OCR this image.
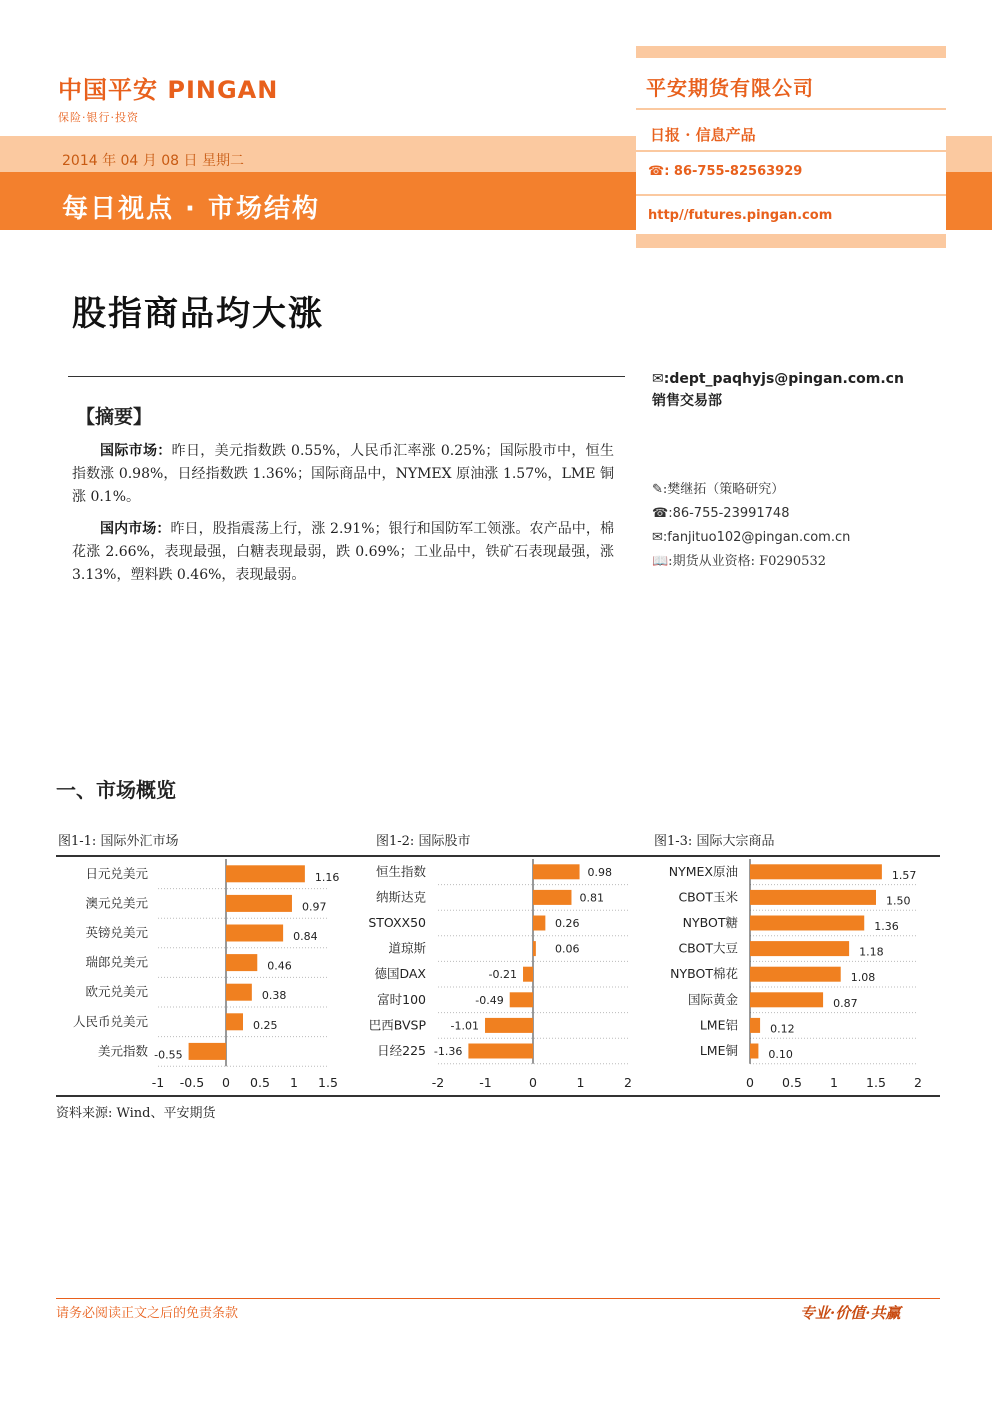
中国平安 PINGAN
保险·银行·投资
2014 年 04 月 08 日 星期二
每日视点 · 市场结构
平安期货有限公司
日报 · 信息产品
☎: 86-755-82563929
http//futures.pingan.com
股指商品均大涨
✉:dept_paqhyjs@pingan.com.cn
销售交易部
✎:樊继拓（策略研究）
☎:86-755-23991748
✉:fanjituo102@pingan.com.cn
📖:期货从业资格: F0290532
【摘要】
国际市场：昨日，美元指数跌 0.55%，人民币汇率涨 0.25%；国际股市中，恒生指数涨 0.98%，日经指数跌 1.36%；国际商品中，NYMEX 原油涨 1.57%，LME 铜涨 0.1%。
国内市场：昨日，股指震荡上行，涨 2.91%；银行和国防军工领涨。农产品中，棉花涨 2.66%，表现最强，白糖表现最弱，跌 0.69%；工业品中，铁矿石表现最强，涨 3.13%，塑料跌 0.46%，表现最弱。
一、市场概览
图1-1: 国际外汇市场	图1-2: 国际股市	图1-3: 国际大宗商品
日元兑美元	1.16
澳元兑美元	0.97
英镑兑美元	0.84
瑞郎兑美元	0.46
欧元兑美元	0.38
人民币兑美元	0.25
美元指数 -0.55
-1 -0.5 0 0.5 1 1.5
恒生指数	0.98
纳斯达克	0.81
STOXX50	0.26
道琼斯	0.06
德国DAX	-0.21
富时100	-0.49
巴西BVSP -1.01
日经225 -1.36
-2	-1	0	1	2
NYMEX原油	1.57
CBOT玉米	1.50
NYBOT糖	1.36
CBOT大豆	1.18
NYBOT棉花	1.08
国际黄金	0.87
LME铝	0.12
LME铜	0.10
0 0.5 1 1.5 2
资料来源: Wind、平安期货
请务必阅读正文之后的免责条款	专业·价值·共赢
